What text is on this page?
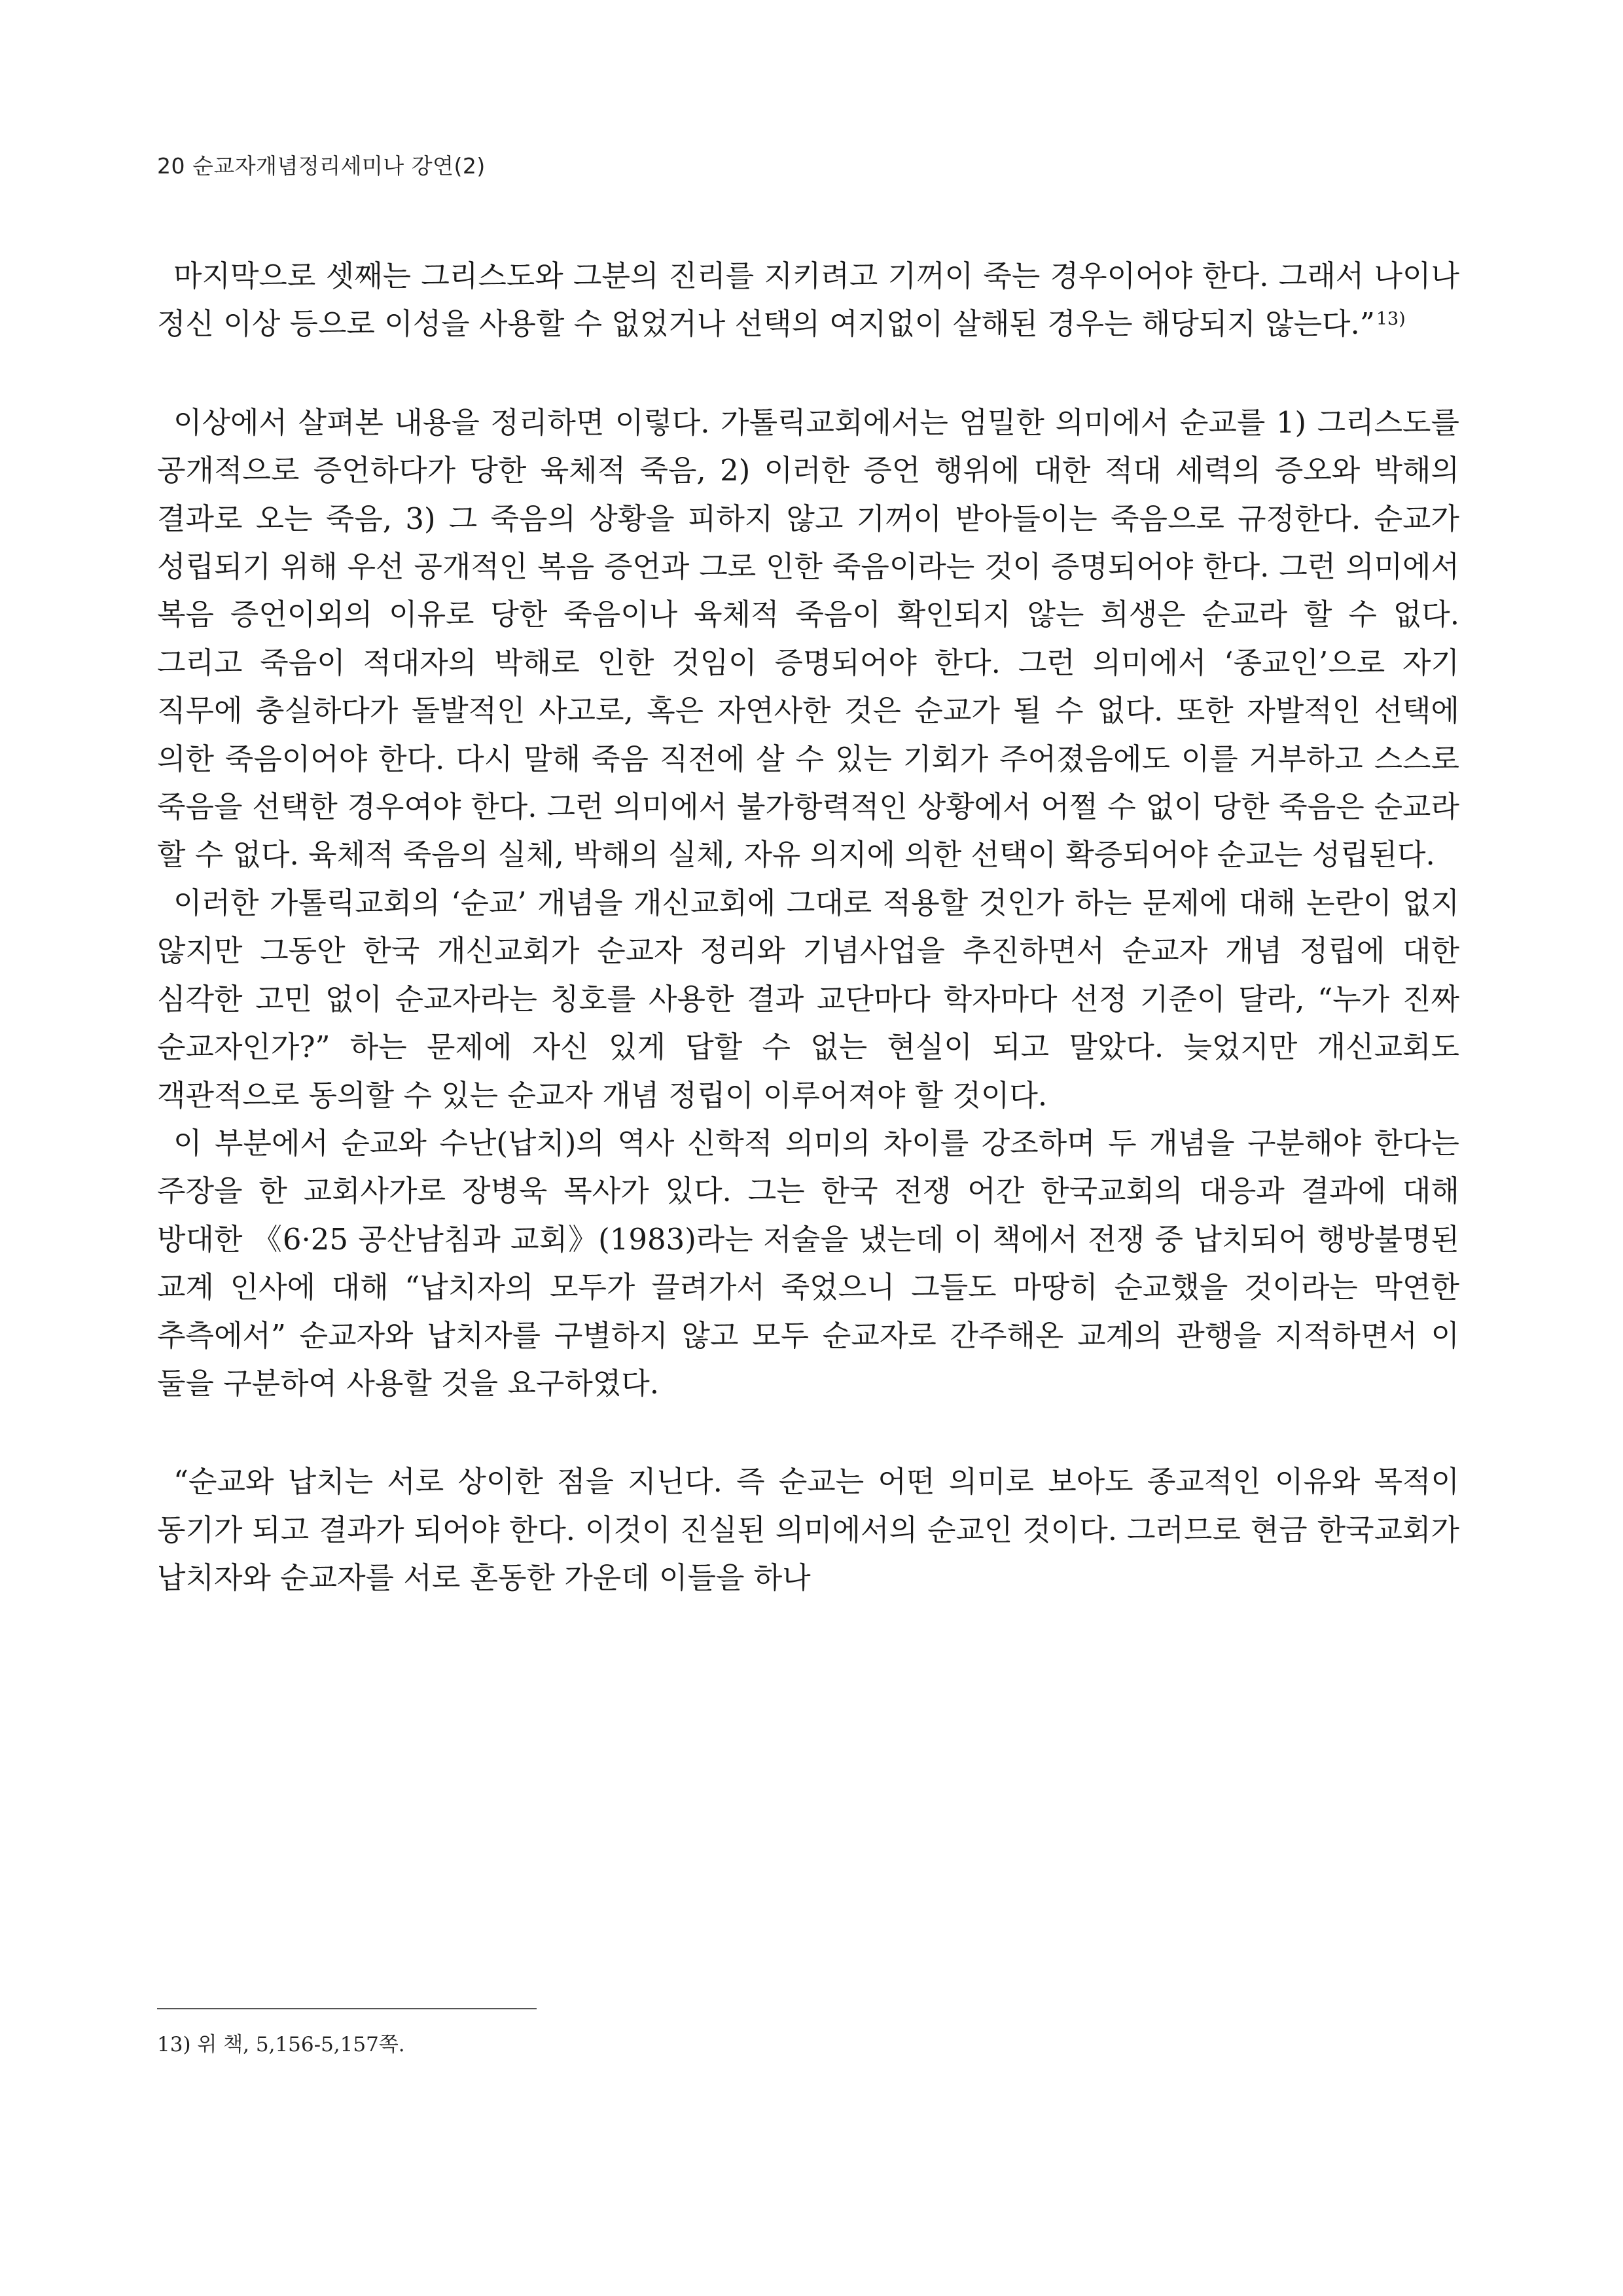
20 순교자개념정리세미나 강연(2)

마지막으로 셋째는 그리스도와 그분의 진리를 지키려고 기꺼이 죽는 경우이어야 한다. 그래서 나이나 정신 이상 등으로 이성을 사용할 수 없었거나 선택의 여지없이 살해된 경우는 해당되지 않는다.”$^{13)}$

이상에서 살펴본 내용을 정리하면 이렇다. 가톨릭교회에서는 엄밀한 의미에서 순교를 1) 그리스도를 공개적으로 증언하다가 당한 육체적 죽음, 2) 이러한 증언 행위에 대한 적대 세력의 증오와 박해의 결과로 오는 죽음, 3) 그 죽음의 상황을 피하지 않고 기꺼이 받아들이는 죽음으로 규정한다. 순교가 성립되기 위해 우선 공개적인 복음 증언과 그로 인한 죽음이라는 것이 증명되어야 한다. 그런 의미에서 복음 증언이외의 이유로 당한 죽음이나 육체적 죽음이 확인되지 않는 희생은 순교라 할 수 없다. 그리고 죽음이 적대자의 박해로 인한 것임이 증명되어야 한다. 그런 의미에서 ‘종교인’으로 자기 직무에 충실하다가 돌발적인 사고로, 혹은 자연사한 것은 순교가 될 수 없다. 또한 자발적인 선택에 의한 죽음이어야 한다. 다시 말해 죽음 직전에 살 수 있는 기회가 주어졌음에도 이를 거부하고 스스로 죽음을 선택한 경우여야 한다. 그런 의미에서 불가항력적인 상황에서 어쩔 수 없이 당한 죽음은 순교라 할 수 없다. 육체적 죽음의 실체, 박해의 실체, 자유 의지에 의한 선택이 확증되어야 순교는 성립된다.

이러한 가톨릭교회의 ‘순교’ 개념을 개신교회에 그대로 적용할 것인가 하는 문제에 대해 논란이 없지 않지만 그동안 한국 개신교회가 순교자 정리와 기념사업을 추진하면서 순교자 개념 정립에 대한 심각한 고민 없이 순교자라는 칭호를 사용한 결과 교단마다 학자마다 선정 기준이 달라, “누가 진짜 순교자인가?” 하는 문제에 자신 있게 답할 수 없는 현실이 되고 말았다. 늦었지만 개신교회도 객관적으로 동의할 수 있는 순교자 개념 정립이 이루어져야 할 것이다.

이 부분에서 순교와 수난(납치)의 역사 신학적 의미의 차이를 강조하며 두 개념을 구분해야 한다는 주장을 한 교회사가로 장병욱 목사가 있다. 그는 한국 전쟁 어간 한국교회의 대응과 결과에 대해 방대한 《6·25 공산남침과 교회》(1983)라는 저술을 냈는데 이 책에서 전쟁 중 납치되어 행방불명된 교계 인사에 대해 “납치자의 모두가 끌려가서 죽었으니 그들도 마땅히 순교했을 것이라는 막연한 추측에서” 순교자와 납치자를 구별하지 않고 모두 순교자로 간주해온 교계의 관행을 지적하면서 이 둘을 구분하여 사용할 것을 요구하였다.

“순교와 납치는 서로 상이한 점을 지닌다. 즉 순교는 어떤 의미로 보아도 종교적인 이유와 목적이 동기가 되고 결과가 되어야 한다. 이것이 진실된 의미에서의 순교인 것이다. 그러므로 현금 한국교회가 납치자와 순교자를 서로 혼동한 가운데 이들을 하나

13) 위 책, 5,156-5,157쪽.
